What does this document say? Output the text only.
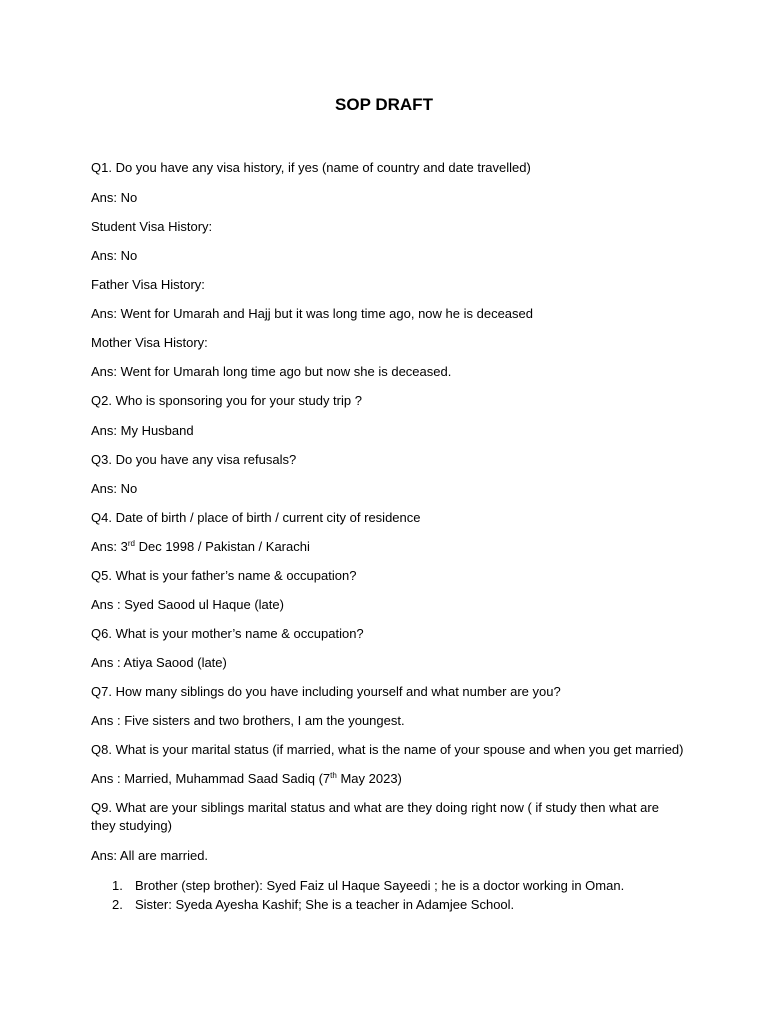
SOP DRAFT
Q1. Do you have any visa history, if yes (name of country and date travelled)
Ans: No
Student Visa History:
Ans: No
Father Visa History:
Ans: Went for Umarah and Hajj but it was long time ago, now he is deceased
Mother Visa History:
Ans: Went for Umarah long time ago but now she is deceased.
Q2. Who is sponsoring you for your study trip ?
Ans: My Husband
Q3. Do you have any visa refusals?
Ans: No
Q4. Date of birth / place of birth / current city of residence
Ans: 3rd Dec 1998 / Pakistan / Karachi
Q5. What is your father’s name & occupation?
Ans : Syed Saood ul Haque (late)
Q6. What is your mother’s name & occupation?
Ans : Atiya Saood (late)
Q7. How many siblings do you have including yourself and what number are you?
Ans : Five sisters and two brothers, I am the youngest.
Q8. What is your marital status (if married, what is the name of your spouse and when you get married)
Ans : Married, Muhammad Saad Sadiq (7th May 2023)
Q9. What are your siblings marital status and what are they doing right now ( if study then what are they studying)
Ans: All are married.
1. Brother (step brother): Syed Faiz ul Haque Sayeedi ; he is a doctor working in Oman.
2. Sister: Syeda Ayesha Kashif; She is a teacher in Adamjee School.
